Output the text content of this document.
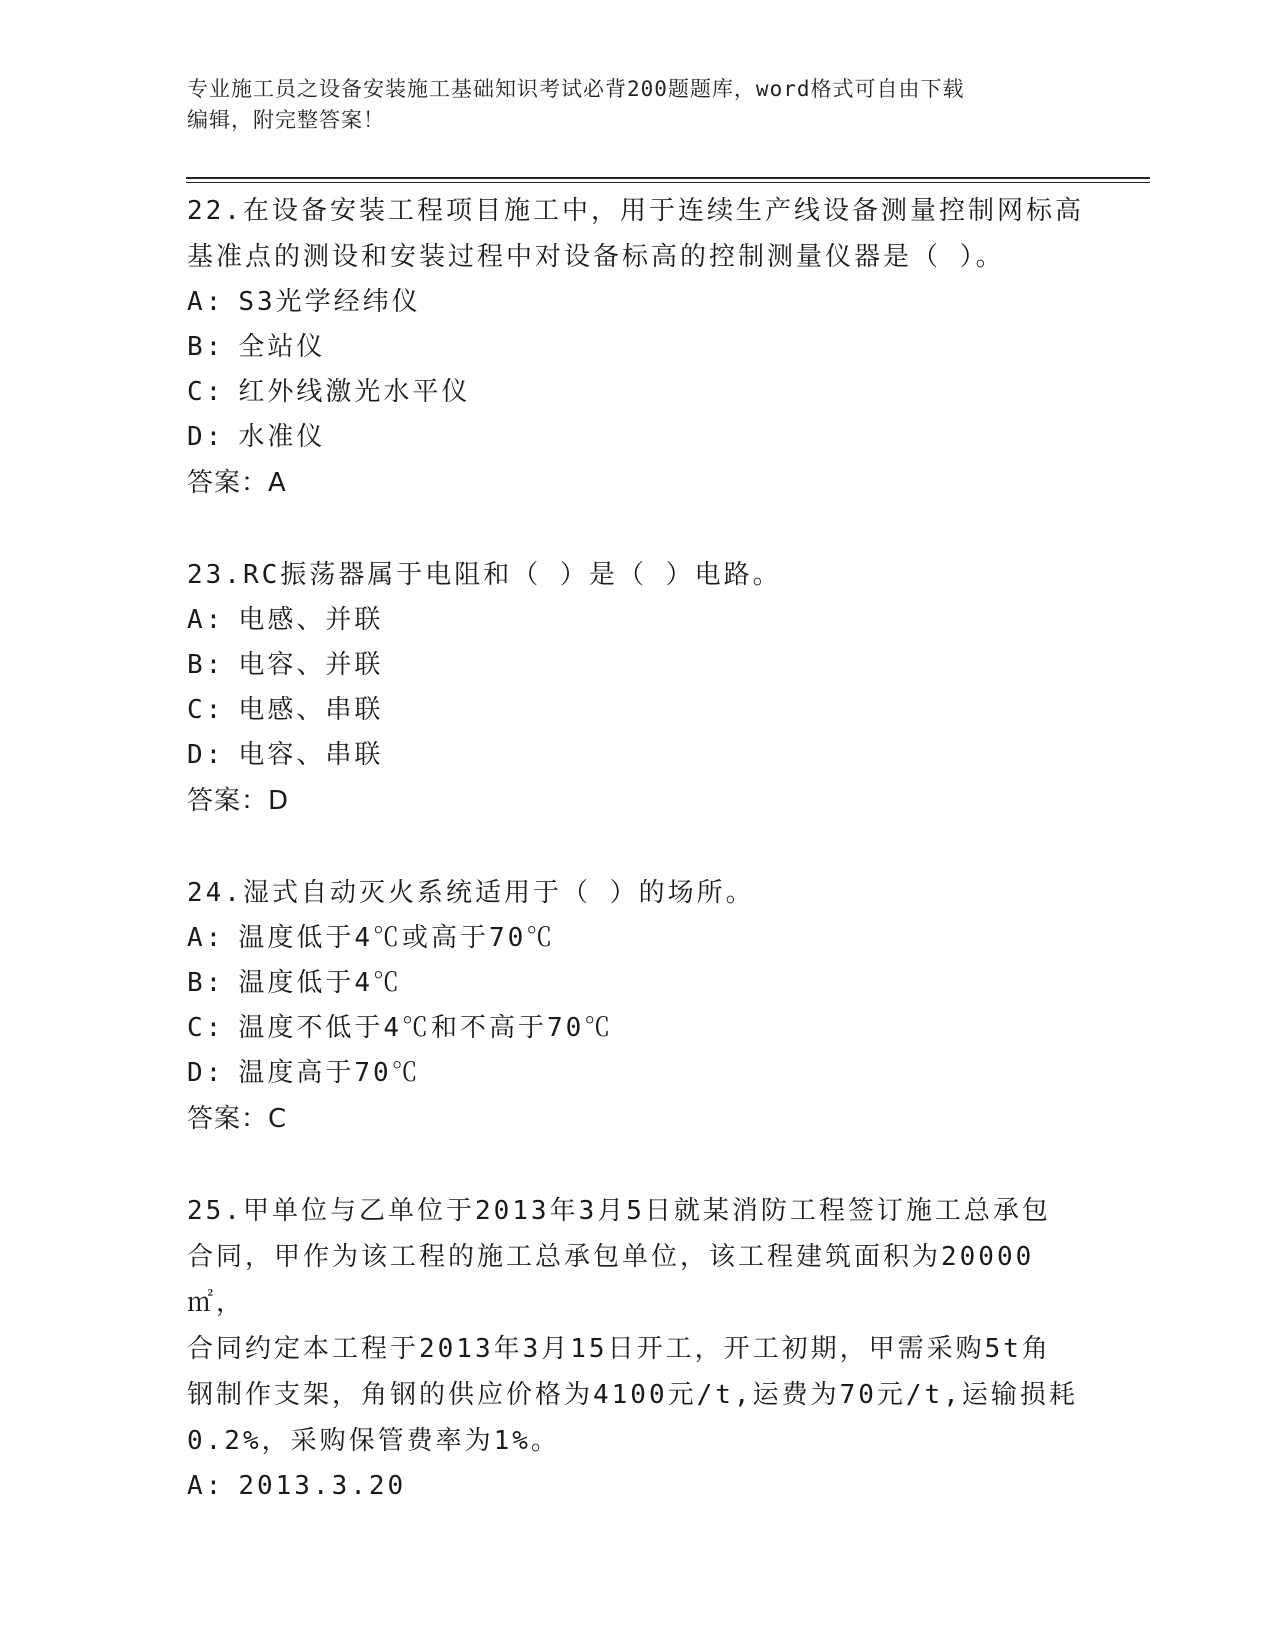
专业施工员之设备安装施工基础知识考试必背200题题库，word格式可自由下载
编辑，附完整答案！

22.在设备安装工程项目施工中，用于连续生产线设备测量控制网标高

基准点的测设和安装过程中对设备标高的控制测量仪器是（ ）。

A: S3光学经纬仪

B: 全站仪

C: 红外线激光水平仪

D: 水准仪

答案：A

23.RC振荡器属于电阻和（ ）是（ ）电路。

A: 电感、并联

B: 电容、并联

C: 电感、串联

D: 电容、串联

答案：D

24.湿式自动灭火系统适用于（ ）的场所。

A: 温度低于4℃或高于70℃

B: 温度低于4℃

C: 温度不低于4℃和不高于70℃

D: 温度高于70℃

答案：C

25.甲单位与乙单位于2013年3月5日就某消防工程签订施工总承包

合同，甲作为该工程的施工总承包单位，该工程建筑面积为20000㎡，

合同约定本工程于2013年3月15日开工，开工初期，甲需采购5t角

钢制作支架，角钢的供应价格为4100元/t,运费为70元/t,运输损耗

0.2%，采购保管费率为1%。

A: 2013.3.20
